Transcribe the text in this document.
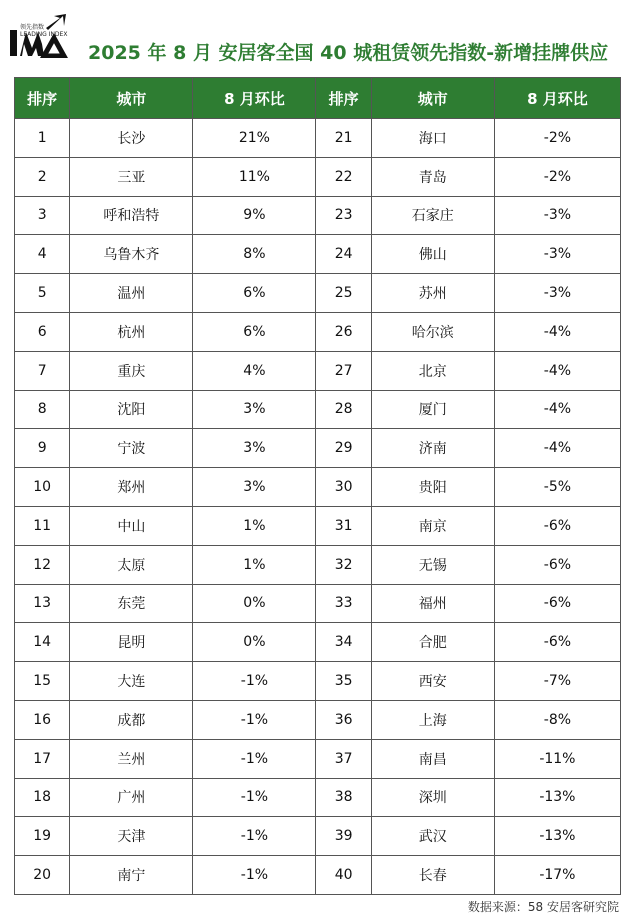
领先指数
LEADING INDEX
2025 年 8 月 安居客全国 40 城租赁领先指数-新增挂牌供应
排序	城市	8 月环比	排序	城市	8 月环比
1	长沙	21%	21	海口	-2%
2	三亚	11%	22	青岛	-2%
3	呼和浩特	9%	23	石家庄	-3%
4	乌鲁木齐	8%	24	佛山	-3%
5	温州	6%	25	苏州	-3%
6	杭州	6%	26	哈尔滨	-4%
7	重庆	4%	27	北京	-4%
8	沈阳	3%	28	厦门	-4%
9	宁波	3%	29	济南	-4%
10	郑州	3%	30	贵阳	-5%
11	中山	1%	31	南京	-6%
12	太原	1%	32	无锡	-6%
13	东莞	0%	33	福州	-6%
14	昆明	0%	34	合肥	-6%
15	大连	-1%	35	西安	-7%
16	成都	-1%	36	上海	-8%
17	兰州	-1%	37	南昌	-11%
18	广州	-1%	38	深圳	-13%
19	天津	-1%	39	武汉	-13%
20	南宁	-1%	40	长春	-17%
数据来源：58 安居客研究院
